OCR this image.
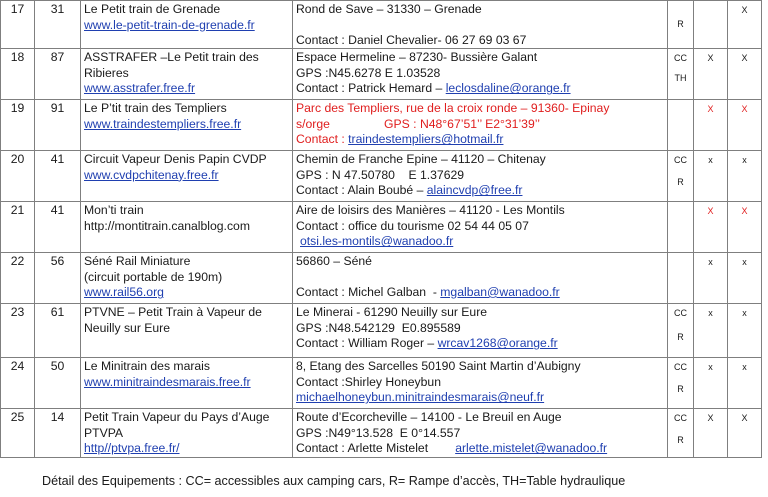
17	31	Le Petit train de Grenade
www.le-petit-train-de-grenade.fr	Rond de Save – 31330 – Grenade
Contact : Daniel Chevalier- 06 27 69 03 67	R		X
18	87	ASSTRAFER –Le Petit train des
Ribieres
www.asstrafer.free.fr	Espace Hermeline – 87230- Bussière Galant
GPS :N45.6278 E 1.03528
Contact : Patrick Hemard – leclosdaline@orange.fr	CC
TH	X	X
19	91	Le P’tit train des Templiers
www.traindestempliers.free.fr	Parc des Templiers, rue de la croix ronde – 91360- Epinay
s/orge                GPS : N48°67’51’’ E2°31’39’’
Contact : traindestempliers@hotmail.fr		X	X
20	41	Circuit Vapeur Denis Papin CVDP
www.cvdpchitenay.free.fr	Chemin de Franche Epine – 41120 – Chitenay
GPS : N 47.50780    E 1.37629
Contact : Alain Boubé – alaincvdp@free.fr	CC
R	x	x
21	41	Mon’ti train
http://montitrain.canalblog.com	Aire de loisirs des Manières – 41120 - Les Montils
Contact : office du tourisme 02 54 44 05 07
otsi.les-montils@wanadoo.fr		X	X
22	56	Séné Rail Miniature
(circuit portable de 190m)
www.rail56.org	56860 – Séné
Contact : Michel Galban  - mgalban@wanadoo.fr		x	x
23	61	PTVNE – Petit Train à Vapeur de
Neuilly sur Eure	Le Minerai - 61290 Neuilly sur Eure
GPS :N48.542129  E0.895589
Contact : William Roger – wrcav1268@orange.fr	CC
R	x	x
24	50	Le Minitrain des marais
www.minitraindesmarais.free.fr	8, Etang des Sarcelles 50190 Saint Martin d’Aubigny
Contact :Shirley Honeybun
michaelhoneybun.minitraindesmarais@neuf.fr	CC
R	x	x
25	14	Petit Train Vapeur du Pays d’Auge
PTVPA
http//ptvpa.free.fr/	Route d’Ecorcheville – 14100 - Le Breuil en Auge
GPS :N49°13.528  E 0°14.557
Contact : Arlette Mistelet        arlette.mistelet@wanadoo.fr	CC
R	X	X
Détail des Equipements : CC= accessibles aux camping cars, R= Rampe d’accès, TH=Table hydraulique
